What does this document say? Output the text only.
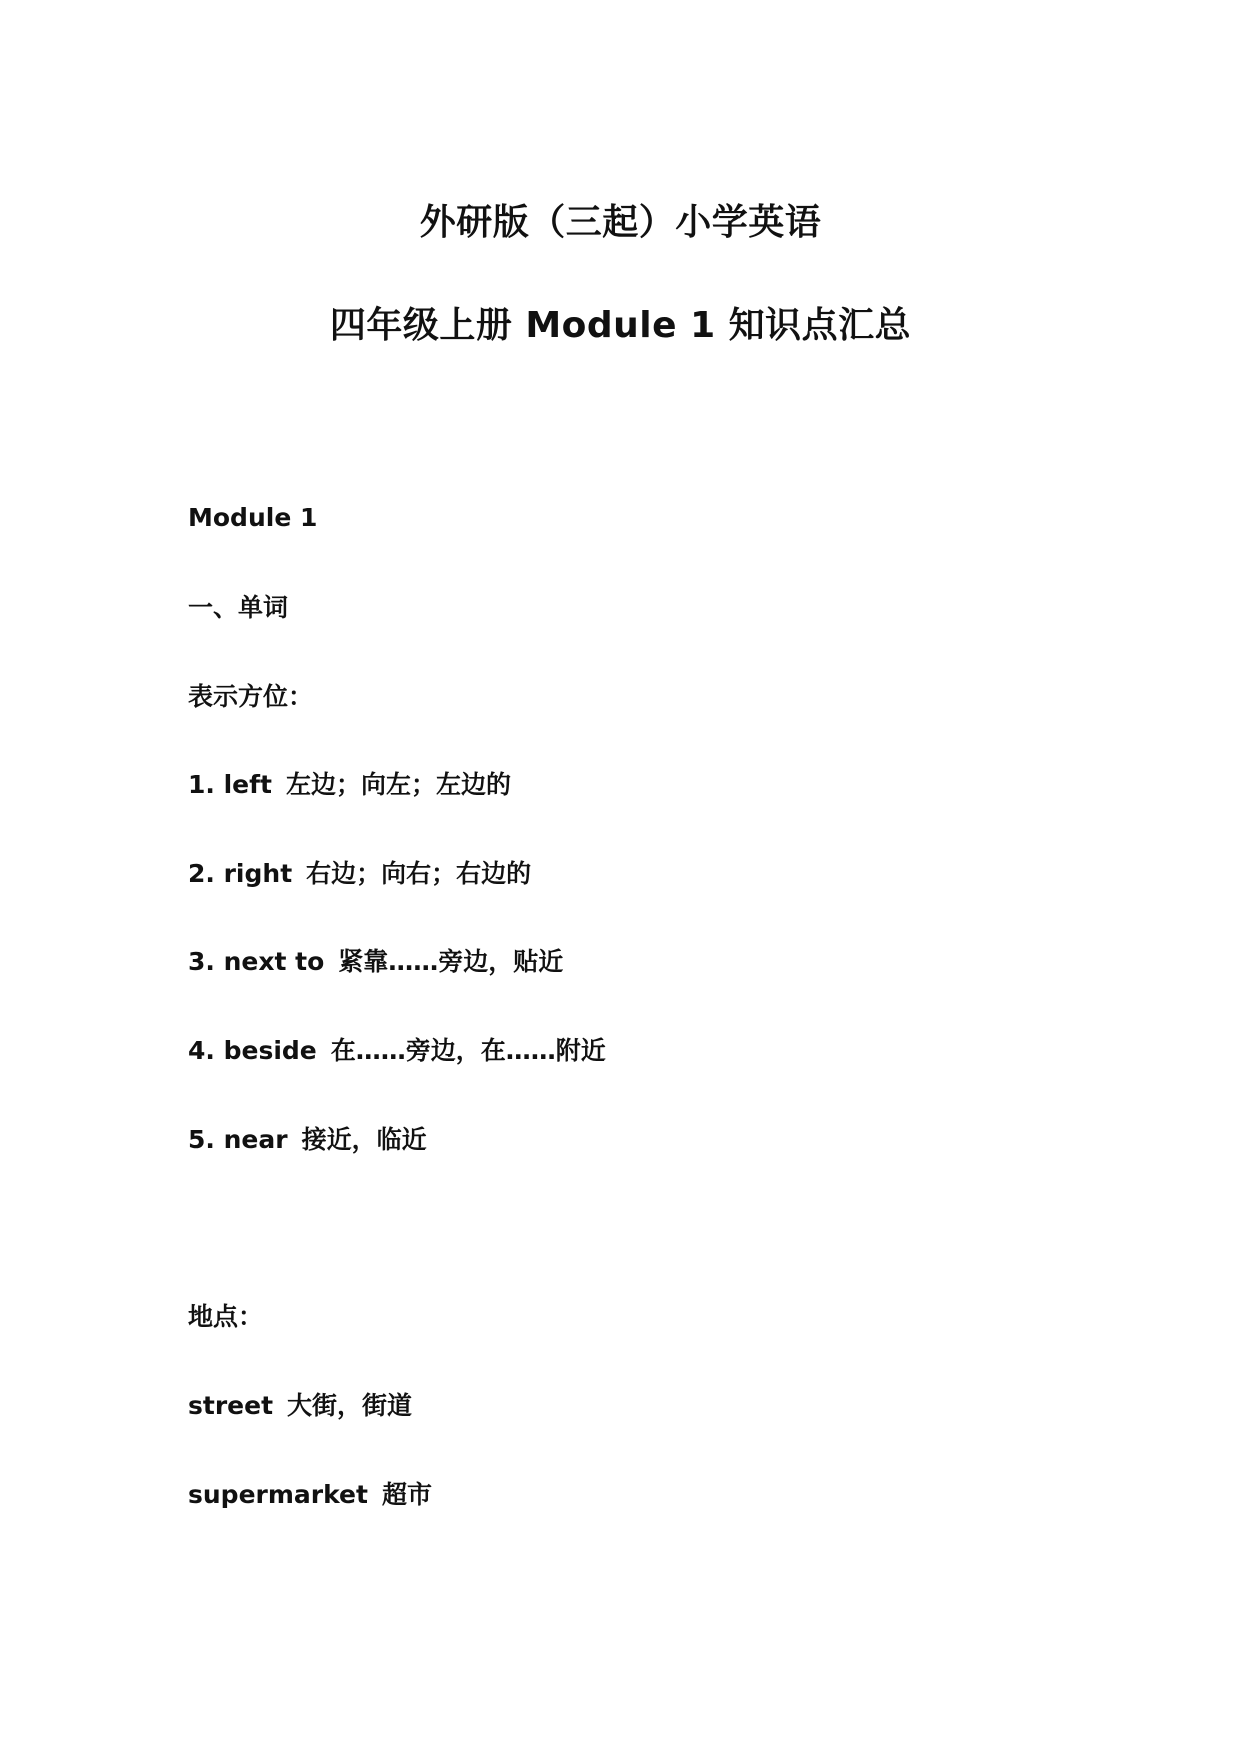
外研版（三起）小学英语
四年级上册 Module 1 知识点汇总
Module 1
一、单词
表示方位：
1. left 左边；向左；左边的
2. right 右边；向右；右边的
3. next to 紧靠……旁边，贴近
4. beside 在……旁边，在……附近
5. near 接近，临近
地点：
street 大街，街道
supermarket 超市
